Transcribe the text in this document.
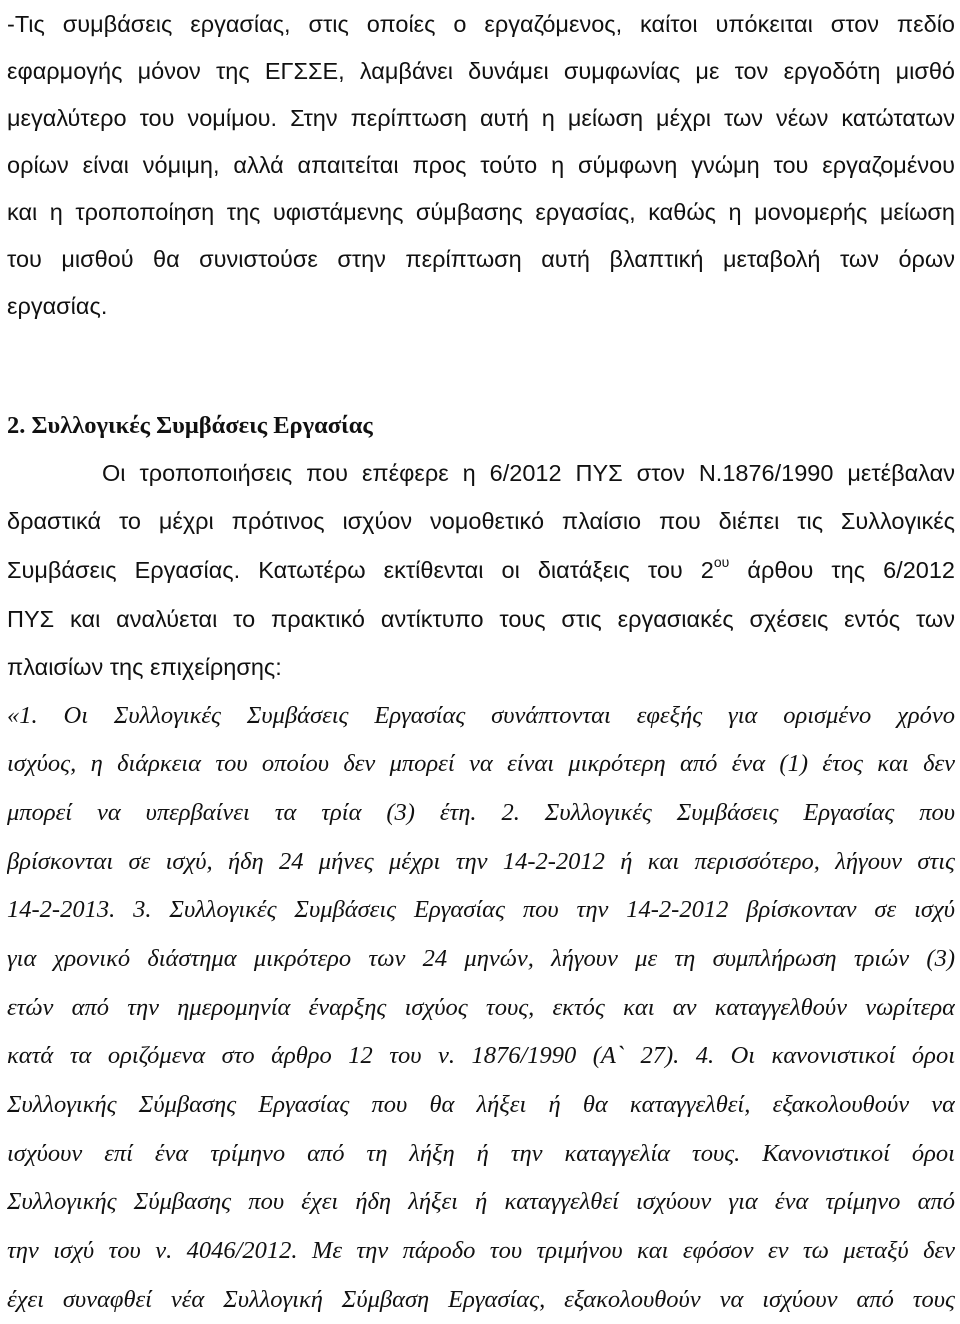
-Τις συμβάσεις εργασίας, στις οποίες ο εργαζόμενος, καίτοι υπόκειται στον πεδίο
εφαρμογής μόνον της ΕΓΣΣΕ, λαμβάνει δυνάμει συμφωνίας με τον εργοδότη μισθό
μεγαλύτερο του νομίμου. Στην περίπτωση αυτή η μείωση μέχρι των νέων κατώτατων
ορίων είναι νόμιμη, αλλά απαιτείται προς τούτο η σύμφωνη γνώμη του εργαζομένου
και η τροποποίηση της υφιστάμενης σύμβασης εργασίας, καθώς η μονομερής μείωση
του μισθού θα συνιστούσε στην περίπτωση αυτή βλαπτική μεταβολή των όρων
εργασίας.
2. Συλλογικές Συμβάσεις Εργασίας
Οι τροποποιήσεις που επέφερε η 6/2012 ΠΥΣ στον Ν.1876/1990 μετέβαλαν
δραστικά το μέχρι πρότινος ισχύον νομοθετικό πλαίσιο που διέπει τις Συλλογικές
Συμβάσεις Εργασίας. Κατωτέρω εκτίθενται οι διατάξεις του $2^{o\upsilon}$ άρθου της 6/2012
ΠΥΣ και αναλύεται το πρακτικό αντίκτυπο τους στις εργασιακές σχέσεις εντός των
πλαισίων της επιχείρησης:
«1. Οι Συλλογικές Συμβάσεις Εργασίας συνάπτονται εφεξής για ορισμένο χρόνο
ισχύος, η διάρκεια του οποίου δεν μπορεί να είναι μικρότερη από ένα (1) έτος και δεν
μπορεί να υπερβαίνει τα τρία (3) έτη. 2. Συλλογικές Συμβάσεις Εργασίας που
βρίσκονται σε ισχύ, ήδη 24 μήνες μέχρι την 14-2-2012 ή και περισσότερο, λήγουν στις
14-2-2013. 3. Συλλογικές Συμβάσεις Εργασίας που την 14-2-2012 βρίσκονταν σε ισχύ
για χρονικό διάστημα μικρότερο των 24 μηνών, λήγουν με τη συμπλήρωση τριών (3)
ετών από την ημερομηνία έναρξης ισχύος τους, εκτός και αν καταγγελθούν νωρίτερα
κατά τα οριζόμενα στο άρθρο 12 του ν. 1876/1990 (Α` 27). 4. Οι κανονιστικοί όροι
Συλλογικής Σύμβασης Εργασίας που θα λήξει ή θα καταγγελθεί, εξακολουθούν να
ισχύουν επί ένα τρίμηνο από τη λήξη ή την καταγγελία τους. Κανονιστικοί όροι
Συλλογικής Σύμβασης που έχει ήδη λήξει ή καταγγελθεί ισχύουν για ένα τρίμηνο από
την ισχύ του ν. 4046/2012. Με την πάροδο του τριμήνου και εφόσον εν τω μεταξύ δεν
έχει συναφθεί νέα Συλλογική Σύμβαση Εργασίας, εξακολουθούν να ισχύουν από τους
